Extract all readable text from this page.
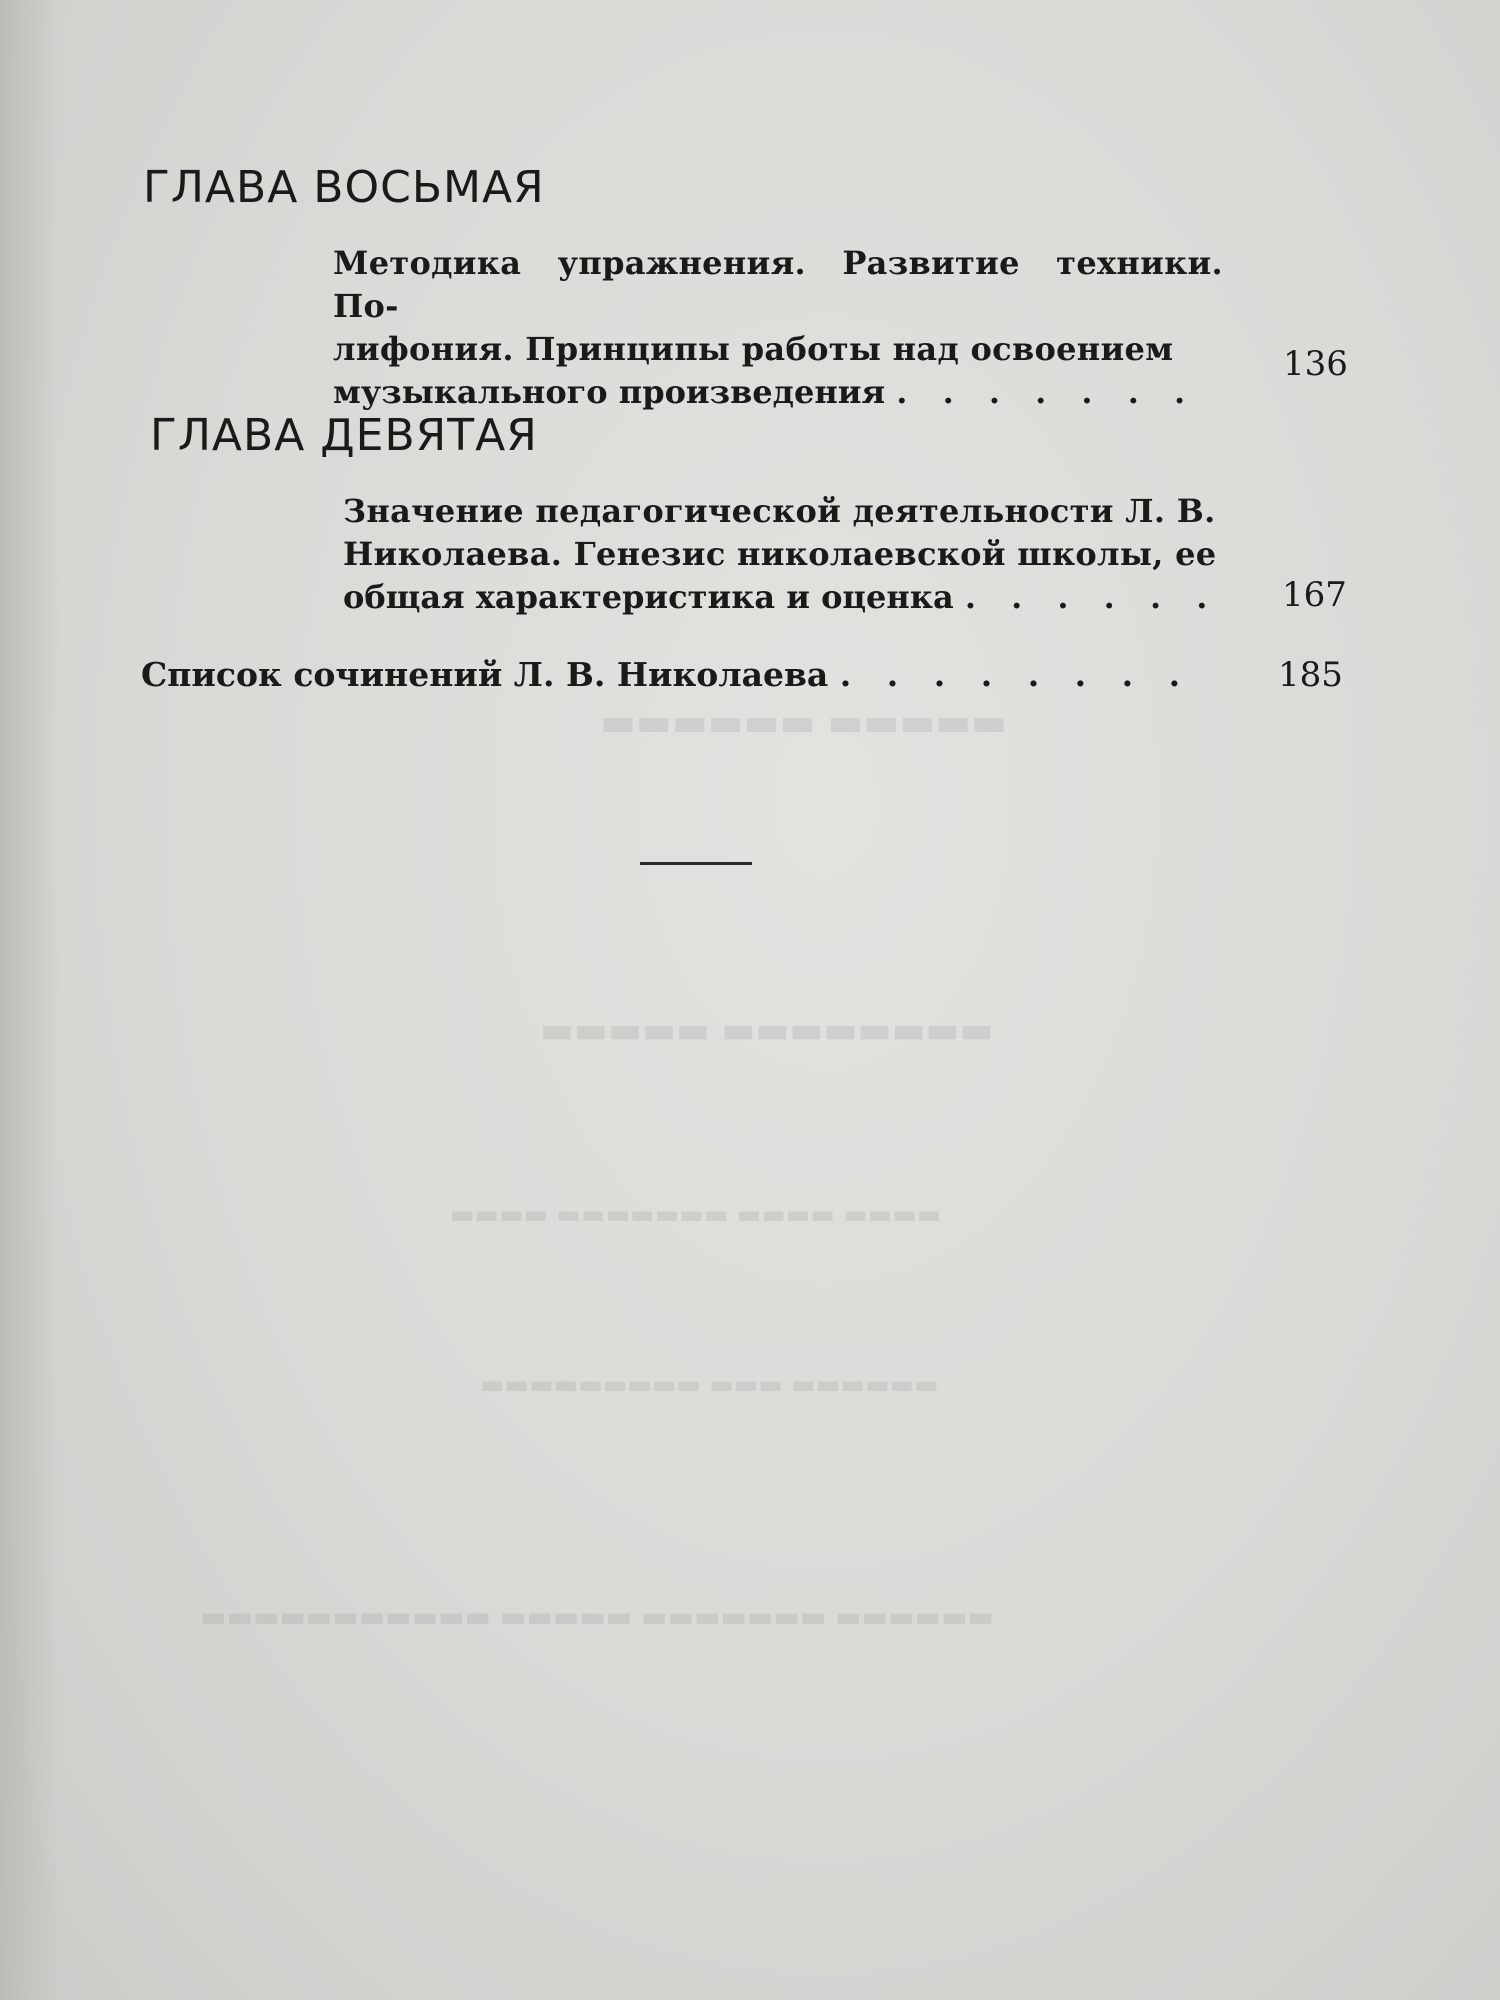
▬▬▬▬▬ ▬▬▬▬▬▬
▬▬▬▬▬▬▬▬ ▬▬▬▬▬
▬▬▬▬ ▬▬▬▬ ▬▬▬▬▬▬▬ ▬▬▬▬
▬▬▬▬▬▬ ▬▬▬ ▬▬▬▬▬▬▬▬▬
▬▬▬▬▬▬ ▬▬▬▬▬▬▬ ▬▬▬▬▬ ▬▬▬▬▬▬▬▬▬▬▬
ГЛАВА ВОСЬМАЯ
Методика упражнения. Развитие техники. По-
лифония. Принципы работы над освоением
музыкального произведения . . . . . . .
136
ГЛАВА ДЕВЯТАЯ
Значение педагогической деятельности Л. В.
Николаева. Генезис николаевской школы, ее
общая характеристика и оценка . . . . . .	167
Список сочинений Л. В. Николаева . . . . . . . .	185
